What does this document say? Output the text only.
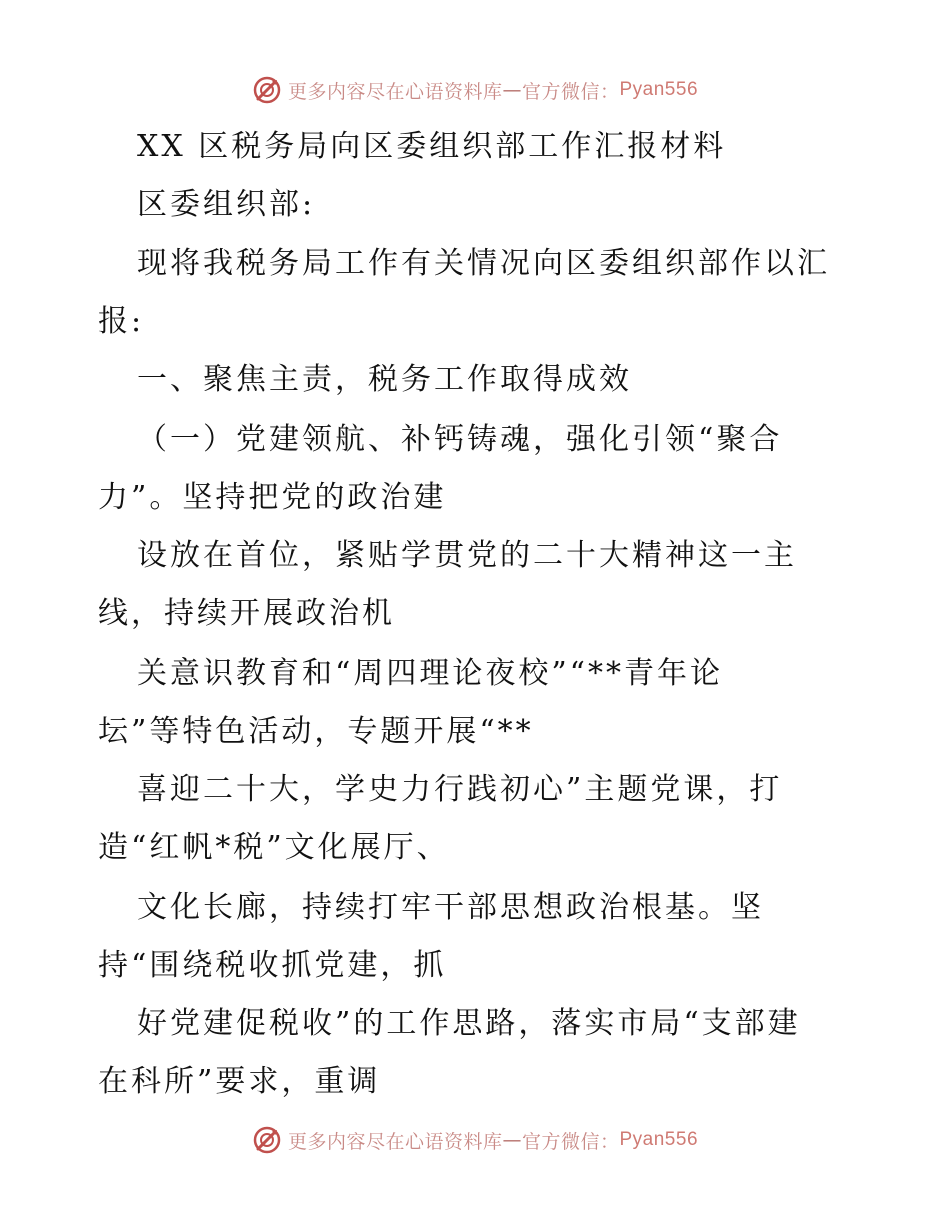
更多内容尽在心语资料库 — 官方微信： Pyan556
XX 区税务局向区委组织部工作汇报材料
区委组织部:
现将我税务局工作有关情况向区委组织部作以汇
报:
一、聚焦主责，税务工作取得成效
（一）党建领航、补钙铸魂，强化引领“聚合
力”。坚持把党的政治建
设放在首位，紧贴学贯党的二十大精神这一主
线，持续开展政治机
关意识教育和“周四理论夜校”“**青年论
坛”等特色活动，专题开展“**
喜迎二十大，学史力行践初心”主题党课，打
造“红帆*税”文化展厅、
文化长廊，持续打牢干部思想政治根基。坚
持“围绕税收抓党建，抓
好党建促税收”的工作思路，落实市局“支部建
在科所”要求，重调
更多内容尽在心语资料库 — 官方微信： Pyan556
